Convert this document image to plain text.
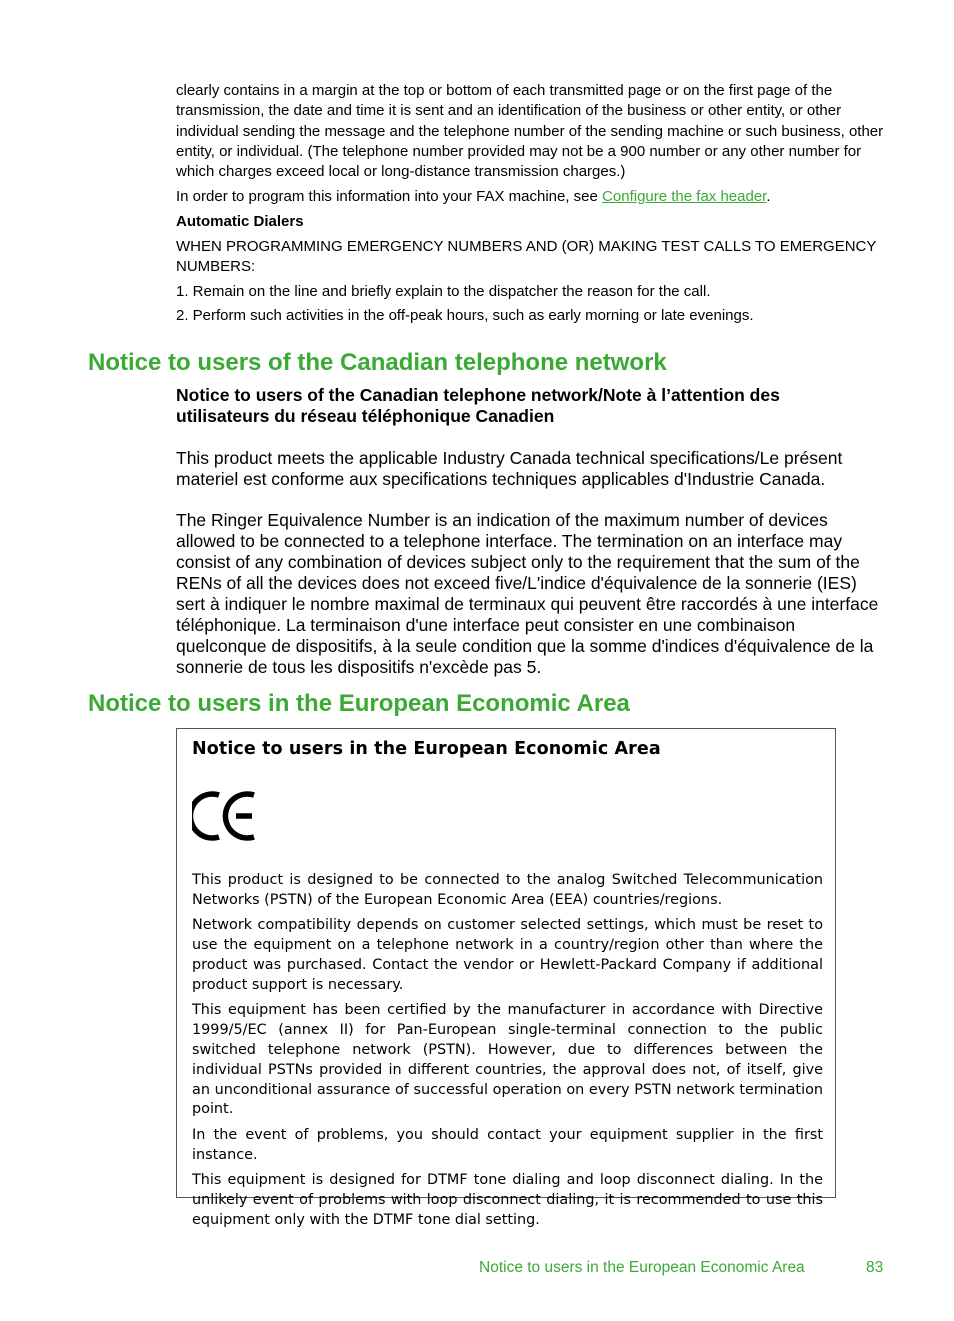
clearly contains in a margin at the top or bottom of each transmitted page or on the first page of the transmission, the date and time it is sent and an identification of the business or other entity, or other individual sending the message and the telephone number of the sending machine or such business, other entity, or individual. (The telephone number provided may not be a 900 number or any other number for which charges exceed local or long-distance transmission charges.)

In order to program this information into your FAX machine, see Configure the fax header.

Automatic Dialers

WHEN PROGRAMMING EMERGENCY NUMBERS AND (OR) MAKING TEST CALLS TO EMERGENCY NUMBERS:

1. Remain on the line and briefly explain to the dispatcher the reason for the call.

2. Perform such activities in the off-peak hours, such as early morning or late evenings.

Notice to users of the Canadian telephone network

Notice to users of the Canadian telephone network/Note à l’attention des utilisateurs du réseau téléphonique Canadien

This product meets the applicable Industry Canada technical specifications/Le présent materiel est conforme aux specifications techniques applicables d'Industrie Canada.

The Ringer Equivalence Number is an indication of the maximum number of devices allowed to be connected to a telephone interface. The termination on an interface may consist of any combination of devices subject only to the requirement that the sum of the RENs of all the devices does not exceed five/L'indice d'équivalence de la sonnerie (IES) sert à indiquer le nombre maximal de terminaux qui peuvent être raccordés à une interface téléphonique. La terminaison d'une interface peut consister en une combinaison quelconque de dispositifs, à la seule condition que la somme d'indices d'équivalence de la sonnerie de tous les dispositifs n'excède pas 5.

Notice to users in the European Economic Area
Notice to users in the European Economic Area

This product is designed to be connected to the analog Switched Telecommunication Networks (PSTN) of the European Economic Area (EEA) countries/regions.

Network compatibility depends on customer selected settings, which must be reset to use the equipment on a telephone network in a country/region other than where the product was purchased. Contact the vendor or Hewlett-Packard Company if additional product support is necessary.

This equipment has been certified by the manufacturer in accordance with Directive 1999/5/EC (annex II) for Pan-European single-terminal connection to the public switched telephone network (PSTN). However, due to differences between the individual PSTNs provided in different countries, the approval does not, of itself, give an unconditional assurance of successful operation on every PSTN network termination point.

In the event of problems, you should contact your equipment supplier in the first instance.

This equipment is designed for DTMF tone dialing and loop disconnect dialing. In the unlikely event of problems with loop disconnect dialing, it is recommended to use this equipment only with the DTMF tone dial setting.

Notice to users in the European Economic Area	83
